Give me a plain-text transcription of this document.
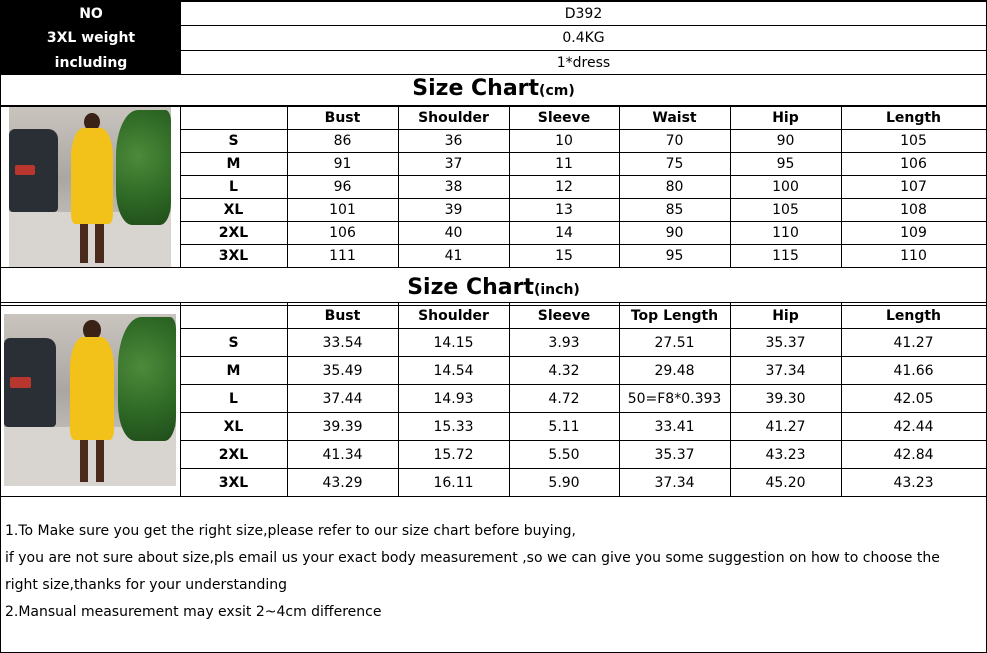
NO	D392
3XL weight	0.4KG
including	1*dress
Size Chart(cm)
		Bust	Shoulder	Sleeve	Waist	Hip	Length
	S	86	36	10	70	90	105
	M	91	37	11	75	95	106
	L	96	38	12	80	100	107
	XL	101	39	13	85	105	108
	2XL	106	40	14	90	110	109
	3XL	111	41	15	95	115	110
Size Chart(inch)
		Bust	Shoulder	Sleeve	Top Length	Hip	Length
	S	33.54	14.15	3.93	27.51	35.37	41.27
	M	35.49	14.54	4.32	29.48	37.34	41.66
	L	37.44	14.93	4.72	50=F8*0.393	39.30	42.05
	XL	39.39	15.33	5.11	33.41	41.27	42.44
	2XL	41.34	15.72	5.50	35.37	43.23	42.84
	3XL	43.29	16.11	5.90	37.34	45.20	43.23

1.To Make sure you get the right size,please refer to our size chart before buying,

if you are not sure about size,pls email us your exact body measurement ,so we can give you some suggestion on how to choose the

right size,thanks for your understanding

2.Mansual measurement may exsit 2~4cm difference
